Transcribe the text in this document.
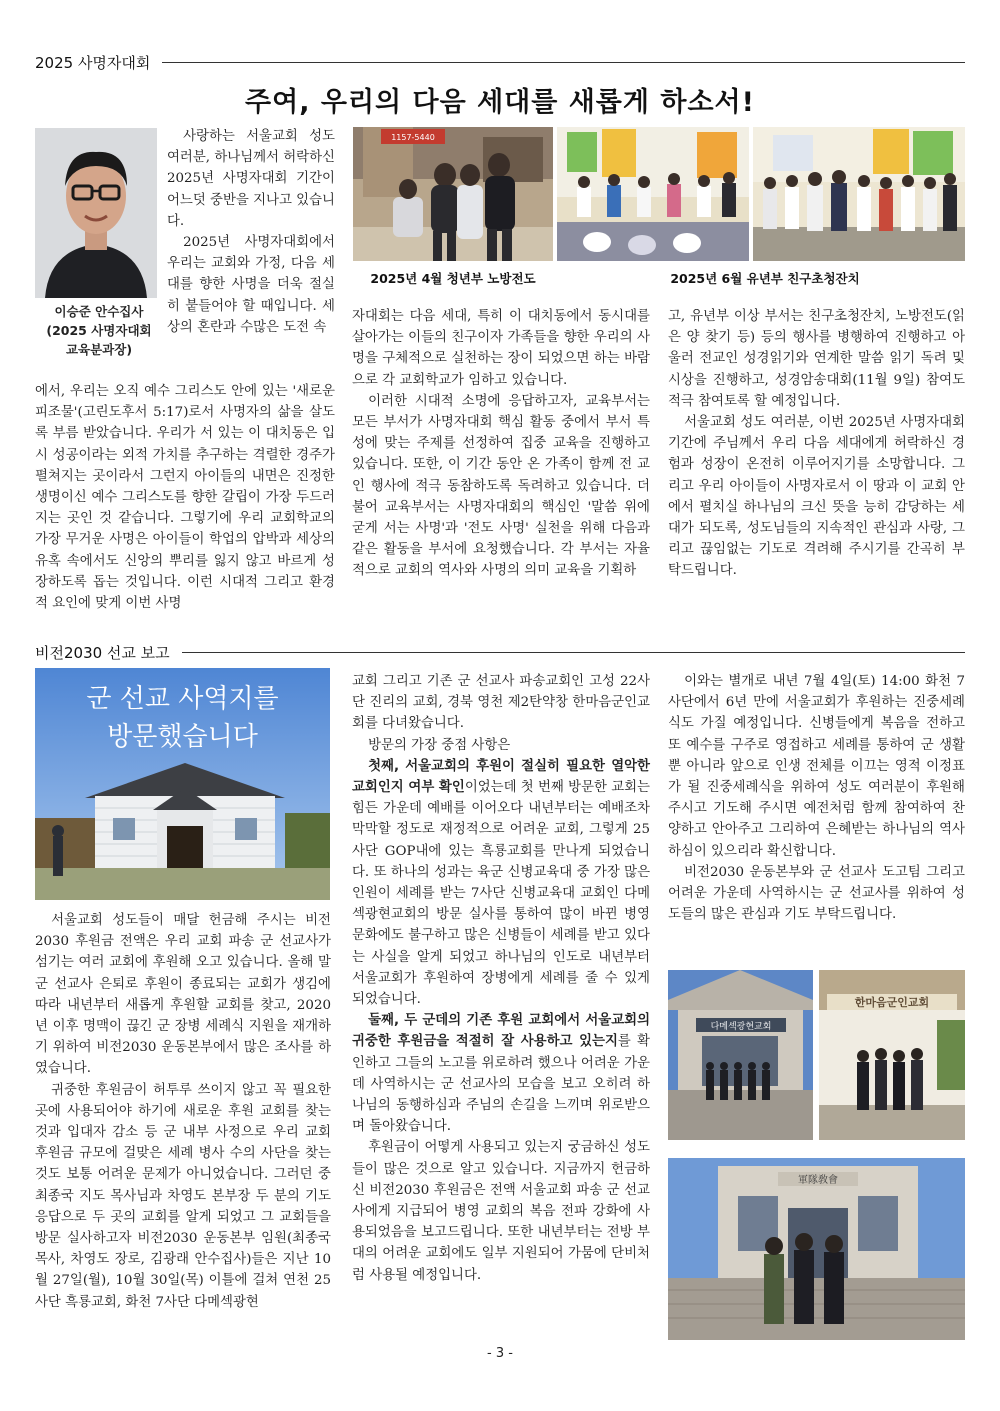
2025 사명자대회
주여, 우리의 다음 세대를 새롭게 하소서!
이승준 안수집사
(2025 사명자대회
교육분과장)

사랑하는 서울교회 성도 여러분, 하나님께서 허락하신 2025년 사명자대회 기간이 어느덧 중반을 지나고 있습니다.

2025년 사명자대회에서 우리는 교회와 가정, 다음 세대를 향한 사명을 더욱 절실히 붙들어야 할 때입니다. 세상의 혼란과 수많은 도전 속

에서, 우리는 오직 예수 그리스도 안에 있는 '새로운 피조물'(고린도후서 5:17)로서 사명자의 삶을 살도록 부름 받았습니다. 우리가 서 있는 이 대치동은 입시 성공이라는 외적 가치를 추구하는 격렬한 경주가 펼쳐지는 곳이라서 그런지 아이들의 내면은 진정한 생명이신 예수 그리스도를 향한 갈립이 가장 두드러지는 곳인 것 같습니다. 그렇기에 우리 교회학교의 가장 무거운 사명은 아이들이 학업의 압박과 세상의 유혹 속에서도 신앙의 뿌리를 잃지 않고 바르게 성장하도록 돕는 것입니다. 이런 시대적 그리고 환경적 요인에 맞게 이번 사명

1157-5440
2025년 4월 청년부 노방전도	2025년 6월 유년부 친구초청잔치

자대회는 다음 세대, 특히 이 대치동에서 동시대를 살아가는 이들의 친구이자 가족들을 향한 우리의 사명을 구체적으로 실천하는 장이 되었으면 하는 바람으로 각 교회학교가 임하고 있습니다.

이러한 시대적 소명에 응답하고자, 교육부서는 모든 부서가 사명자대회 핵심 활동 중에서 부서 특성에 맞는 주제를 선정하여 집중 교육을 진행하고 있습니다. 또한, 이 기간 동안 온 가족이 함께 전 교인 행사에 적극 동참하도록 독려하고 있습니다. 더불어 교육부서는 사명자대회의 핵심인 '말씀 위에 굳게 서는 사명'과 '전도 사명' 실천을 위해 다음과 같은 활동을 부서에 요청했습니다. 각 부서는 자율적으로 교회의 역사와 사명의 의미 교육을 기획하

고, 유년부 이상 부서는 친구초청잔치, 노방전도(읽은 양 찾기 등) 등의 행사를 병행하여 진행하고 아울러 전교인 성경읽기와 연계한 말씀 읽기 독려 및 시상을 진행하고, 성경암송대회(11월 9일) 참여도 적극 참여토록 할 예정입니다.

서울교회 성도 여러분, 이번 2025년 사명자대회 기간에 주님께서 우리 다음 세대에게 허락하신 경험과 성장이 온전히 이루어지기를 소망합니다. 그리고 우리 아이들이 사명자로서 이 땅과 이 교회 안에서 펼치실 하나님의 크신 뜻을 능히 감당하는 세대가 되도록, 성도님들의 지속적인 관심과 사랑, 그리고 끊임없는 기도로 격려해 주시기를 간곡히 부탁드립니다.

비전2030 선교 보고
군 선교 사역지를
방문했습니다

서울교회 성도들이 매달 헌금해 주시는 비전2030 후원금 전액은 우리 교회 파송 군 선교사가 섬기는 여러 교회에 후원해 오고 있습니다. 올해 말 군 선교사 은퇴로 후원이 종료되는 교회가 생김에 따라 내년부터 새롭게 후원할 교회를 찾고, 2020년 이후 명맥이 끊긴 군 장병 세례식 지원을 재개하기 위하여 비전2030 운동본부에서 많은 조사를 하였습니다.

귀중한 후원금이 허투루 쓰이지 않고 꼭 필요한 곳에 사용되어야 하기에 새로운 후원 교회를 찾는 것과 입대자 감소 등 군 내부 사정으로 우리 교회 후원금 규모에 걸맞은 세례 병사 수의 사단을 찾는 것도 보통 어려운 문제가 아니었습니다. 그러던 중 최종국 지도 목사님과 차영도 본부장 두 분의 기도 응답으로 두 곳의 교회를 알게 되었고 그 교회들을 방문 실사하고자 비전2030 운동본부 임원(최종국 목사, 차영도 장로, 김광래 안수집사)들은 지난 10월 27일(월), 10월 30일(목) 이틀에 걸쳐 연천 25사단 흑룡교회, 화천 7사단 다메섹광현

교회 그리고 기존 군 선교사 파송교회인 고성 22사단 진리의 교회, 경북 영천 제2탄약창 한마음군인교회를 다녀왔습니다.

방문의 가장 중점 사항은

첫째, 서울교회의 후원이 절실히 필요한 열악한 교회인지 여부 확인이었는데 첫 번째 방문한 교회는 힘든 가운데 예배를 이어오다 내년부터는 예배조차 막막할 정도로 재정적으로 어려운 교회, 그렇게 25사단 GOP내에 있는 흑룡교회를 만나게 되었습니다. 또 하나의 성과는 육군 신병교육대 중 가장 많은 인원이 세례를 받는 7사단 신병교육대 교회인 다메섹광현교회의 방문 실사를 통하여 많이 바뀐 병영 문화에도 불구하고 많은 신병들이 세례를 받고 있다는 사실을 알게 되었고 하나님의 인도로 내년부터 서울교회가 후원하여 장병에게 세례를 줄 수 있게 되었습니다.

둘째, 두 군데의 기존 후원 교회에서 서울교회의 귀중한 후원금을 적절히 잘 사용하고 있는지를 확인하고 그들의 노고를 위로하려 했으나 어려운 가운데 사역하시는 군 선교사의 모습을 보고 오히려 하나님의 동행하심과 주님의 손길을 느끼며 위로받으며 돌아왔습니다.

후원금이 어떻게 사용되고 있는지 궁금하신 성도들이 많은 것으로 알고 있습니다. 지금까지 헌금하신 비전2030 후원금은 전액 서울교회 파송 군 선교사에게 지급되어 병영 교회의 복음 전파 강화에 사용되었음을 보고드립니다. 또한 내년부터는 전방 부대의 어려운 교회에도 일부 지원되어 가뭄에 단비처럼 사용될 예정입니다.

이와는 별개로 내년 7월 4일(토) 14:00 화천 7사단에서 6년 만에 서울교회가 후원하는 진중세례식도 가질 예정입니다. 신병들에게 복음을 전하고 또 예수를 구주로 영접하고 세례를 통하여 군 생활 뿐 아니라 앞으로 인생 전체를 이끄는 영적 이정표가 될 진중세례식을 위하여 성도 여러분이 후원해 주시고 기도해 주시면 예전처럼 함께 참여하여 찬양하고 안아주고 그리하여 은혜받는 하나님의 역사하심이 있으리라 확신합니다.

비전2030 운동본부와 군 선교사 도고팀 그리고 어려운 가운데 사역하시는 군 선교사를 위하여 성도들의 많은 관심과 기도 부탁드립니다.

다메섹광현교회
한마음군인교회
軍隊敎會
- 3 -
